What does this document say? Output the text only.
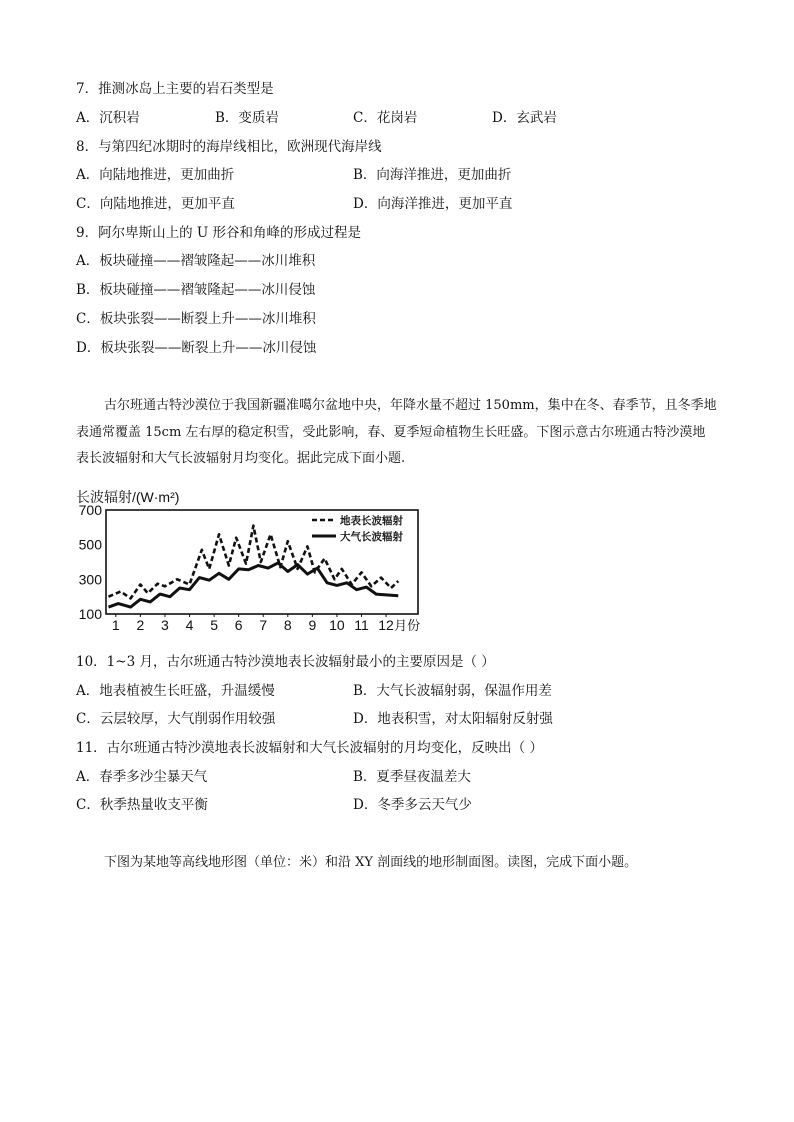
7．推测冰岛上主要的岩石类型是
A．沉积岩	B．变质岩	C．花岗岩	D．玄武岩
8．与第四纪冰期时的海岸线相比，欧洲现代海岸线
A．向陆地推进，更加曲折	B．向海洋推进，更加曲折
C．向陆地推进，更加平直	D．向海洋推进，更加平直
9．阿尔卑斯山上的 U 形谷和角峰的形成过程是
A．板块碰撞——褶皱隆起——冰川堆积
B．板块碰撞——褶皱隆起——冰川侵蚀
C．板块张裂——断裂上升——冰川堆积
D．板块张裂——断裂上升——冰川侵蚀
古尔班通古特沙漠位于我国新疆准噶尔盆地中央，年降水量不超过 150mm，集中在冬、春季节，且冬季地
表通常覆盖 15cm 左右厚的稳定积雪，受此影响，春、夏季短命植物生长旺盛。下图示意古尔班通古特沙漠地
表长波辐射和大气长波辐射月均变化。据此完成下面小题.
长波辐射/(W·m²)
100
300
500
700
1 2 3 4 5 6 7 8 9 10 11 12 月份
地表长波辐射
大气长波辐射
10．1~3 月，古尔班通古特沙漠地表长波辐射最小的主要原因是（ ）
A．地表植被生长旺盛，升温缓慢	B．大气长波辐射弱，保温作用差
C．云层较厚，大气削弱作用较强	D．地表积雪，对太阳辐射反射强
11．古尔班通古特沙漠地表长波辐射和大气长波辐射的月均变化，反映出（ ）
A．春季多沙尘暴天气	B．夏季昼夜温差大
C．秋季热量收支平衡	D．冬季多云天气少
下图为某地等高线地形图（单位：米）和沿 XY 剖面线的地形制面图。读图，完成下面小题。
